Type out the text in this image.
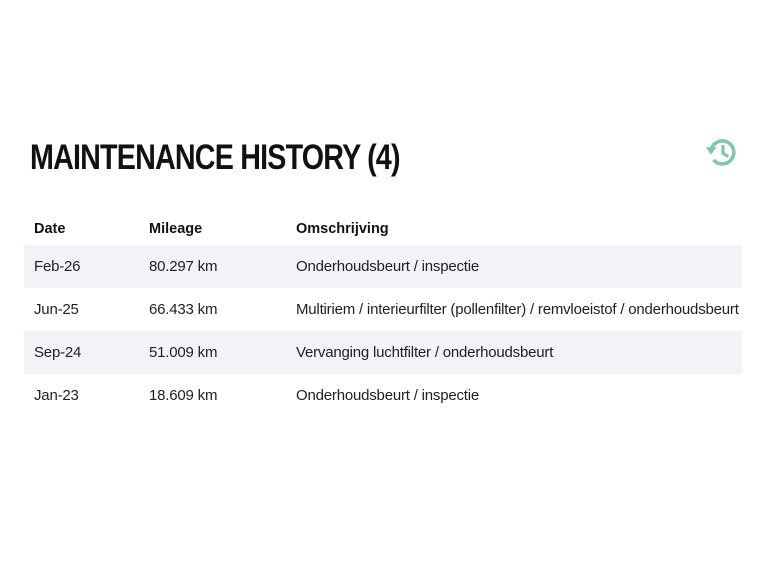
MAINTENANCE HISTORY (4)
Date	Mileage	Omschrijving
Feb-26	80.297 km	Onderhoudsbeurt / inspectie
Jun-25	66.433 km	Multiriem / interieurfilter (pollenfilter) / remvloeistof / onderhoudsbeurt
Sep-24	51.009 km	Vervanging luchtfilter / onderhoudsbeurt
Jan-23	18.609 km	Onderhoudsbeurt / inspectie
